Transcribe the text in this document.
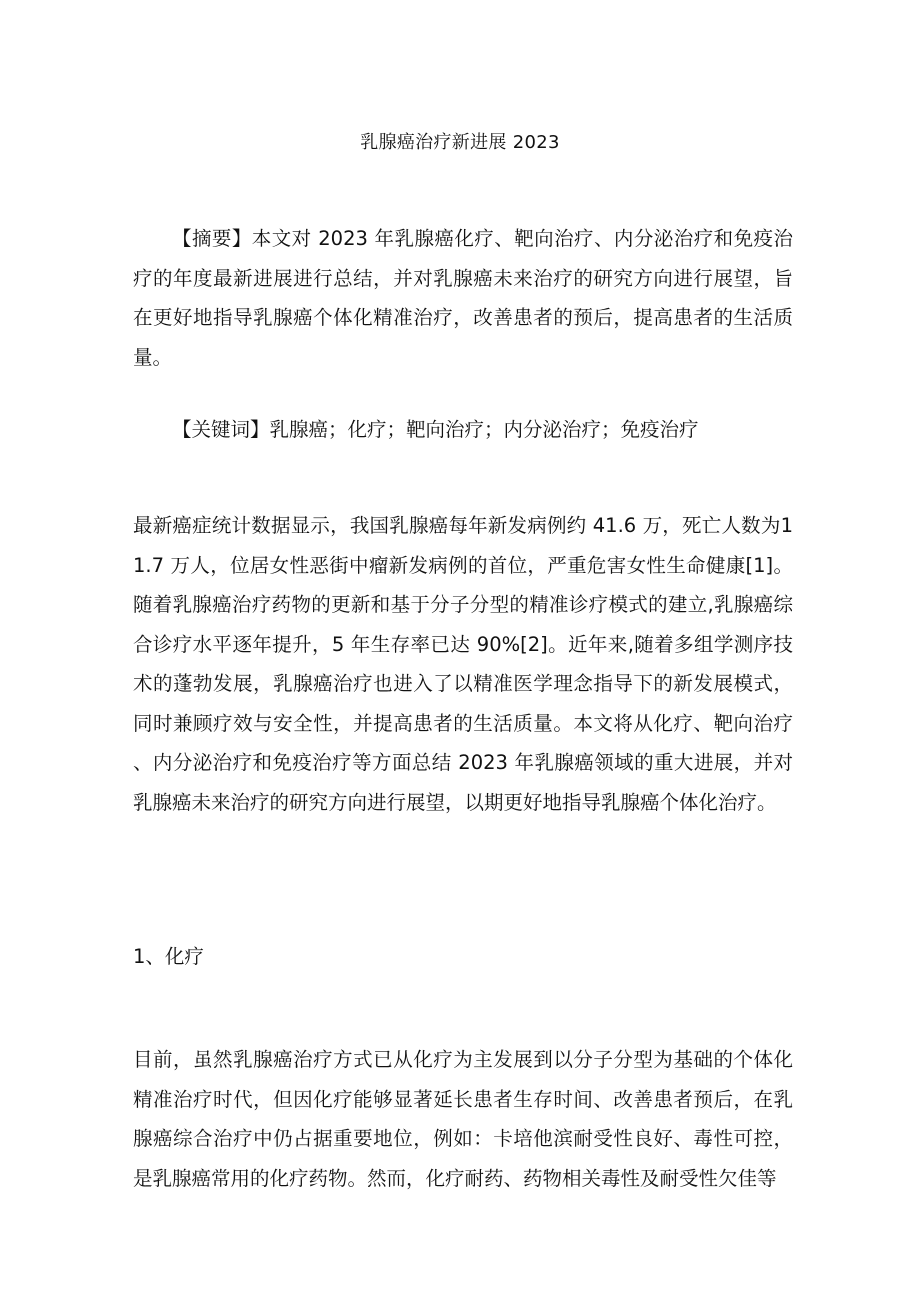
乳腺癌治疗新进展 2023

【摘要】本文对 2023 年乳腺癌化疗、靶向治疗、内分泌治疗和免疫治疗的年度最新进展进行总结，并对乳腺癌未来治疗的研究方向进行展望，旨在更好地指导乳腺癌个体化精准治疗，改善患者的预后，提高患者的生活质量。

【关键词】乳腺癌；化疗；靶向治疗；内分泌治疗；免疫治疗

最新癌症统计数据显示，我国乳腺癌每年新发病例约 41.6 万，死亡人数为11.7 万人，位居女性恶街中瘤新发病例的首位，严重危害女性生命健康[1]。随着乳腺癌治疗药物的更新和基于分子分型的精准诊疗模式的建立,乳腺癌综合诊疗水平逐年提升，5 年生存率已达 90%[2]。近年来,随着多组学测序技术的蓬勃发展，乳腺癌治疗也进入了以精准医学理念指导下的新发展模式，同时兼顾疗效与安全性，并提高患者的生活质量。本文将从化疗、靶向治疗、内分泌治疗和免疫治疗等方面总结 2023 年乳腺癌领域的重大进展，并对乳腺癌未来治疗的研究方向进行展望，以期更好地指导乳腺癌个体化治疗。

1、化疗

目前，虽然乳腺癌治疗方式已从化疗为主发展到以分子分型为基础的个体化精准治疗时代，但因化疗能够显著延长患者生存时间、改善患者预后，在乳腺癌综合治疗中仍占据重要地位，例如：卡培他滨耐受性良好、毒性可控，是乳腺癌常用的化疗药物。然而，化疗耐药、药物相关毒性及耐受性欠佳等
